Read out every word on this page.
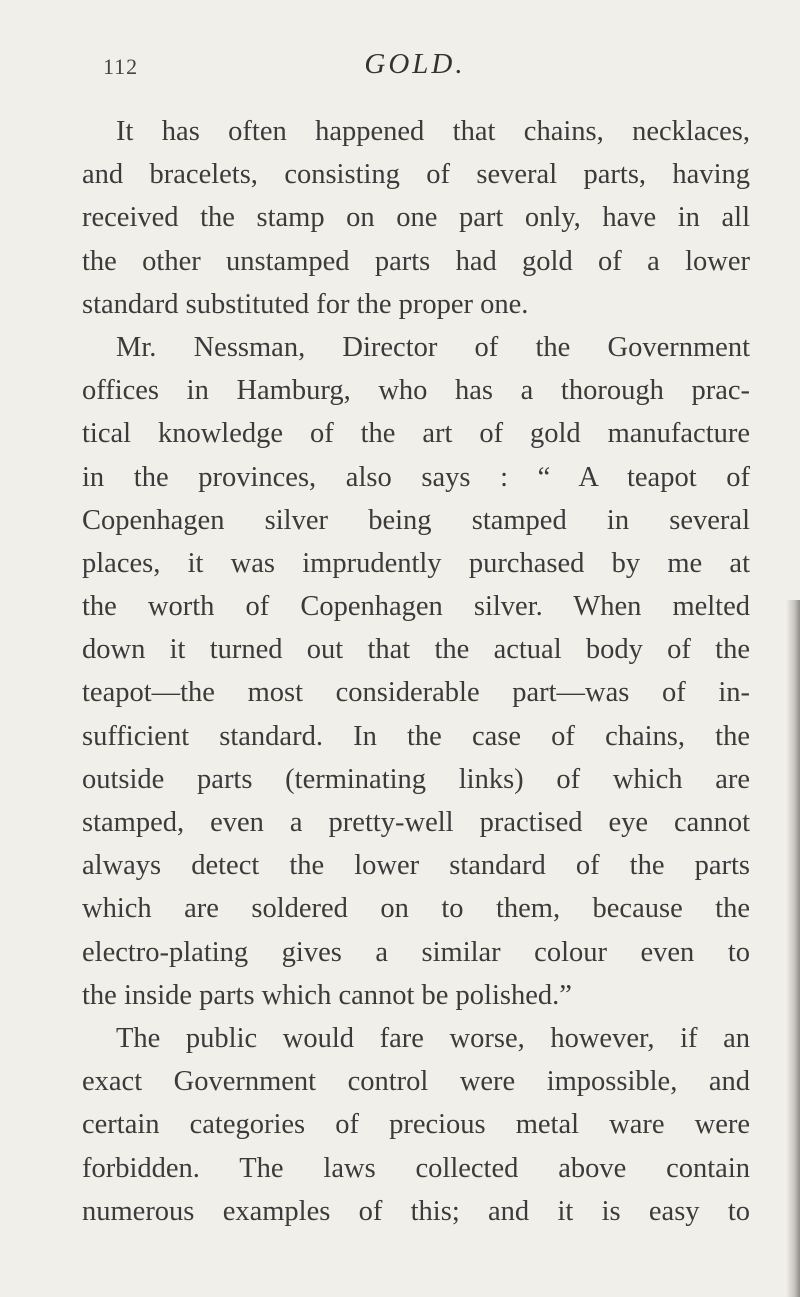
112	GOLD.
It has often happened that chains, necklaces,
and bracelets, consisting of several parts, having
received the stamp on one part only, have in all
the other unstamped parts had gold of a lower
standard substituted for the proper one.
Mr. Nessman, Director of the Government
offices in Hamburg, who has a thorough prac-
tical knowledge of the art of gold manufacture
in the provinces, also says : “ A teapot of
Copenhagen silver being stamped in several
places, it was imprudently purchased by me at
the worth of Copenhagen silver. When melted
down it turned out that the actual body of the
teapot—the most considerable part—was of in-
sufficient standard. In the case of chains, the
outside parts (terminating links) of which are
stamped, even a pretty-well practised eye cannot
always detect the lower standard of the parts
which are soldered on to them, because the
electro-plating gives a similar colour even to
the inside parts which cannot be polished.”
The public would fare worse, however, if an
exact Government control were impossible, and
certain categories of precious metal ware were
forbidden. The laws collected above contain
numerous examples of this; and it is easy to
